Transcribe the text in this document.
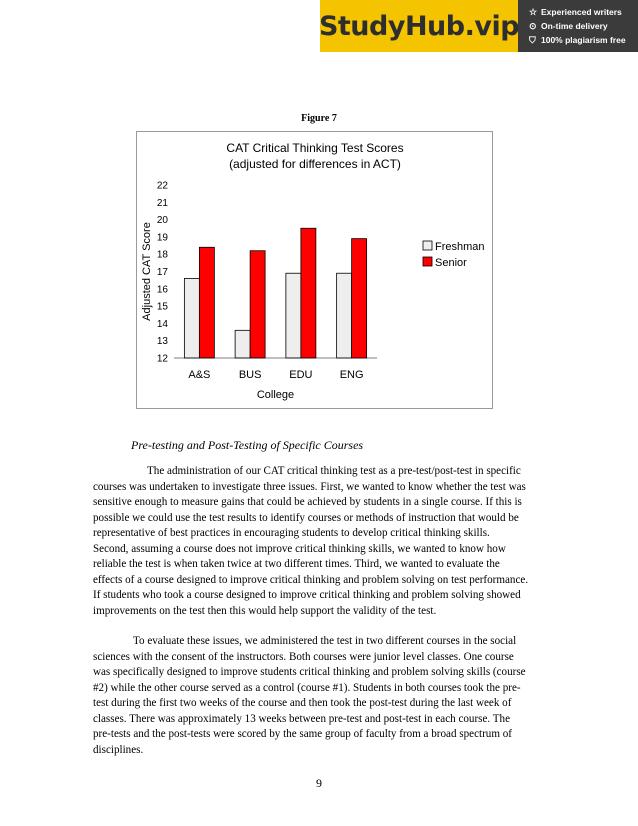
StudyHub.vip ☆ Experienced writers
⊙ On-time delivery
⛉ 100% plagiarism free
Figure 7
CAT Critical Thinking Test Scores
(adjusted for differences in ACT)
12
13
14
15
16
17
18
19
20
21
22
Adjusted CAT Score
A&S	BUS	EDU ENG
College
Freshman
Senior
Pre-testing and Post-Testing of Specific Courses
The administration of our CAT critical thinking test as a pre-test/post-test in specific
courses was undertaken to investigate three issues. First, we wanted to know whether the test was
sensitive enough to measure gains that could be achieved by students in a single course. If this is
possible we could use the test results to identify courses or methods of instruction that would be
representative of best practices in encouraging students to develop critical thinking skills.
Second, assuming a course does not improve critical thinking skills, we wanted to know how
reliable the test is when taken twice at two different times. Third, we wanted to evaluate the
effects of a course designed to improve critical thinking and problem solving on test performance.
If students who took a course designed to improve critical thinking and problem solving showed
improvements on the test then this would help support the validity of the test.
To evaluate these issues, we administered the test in two different courses in the social
sciences with the consent of the instructors. Both courses were junior level classes. One course
was specifically designed to improve students critical thinking and problem solving skills (course
#2) while the other course served as a control (course #1). Students in both courses took the pre-
test during the first two weeks of the course and then took the post-test during the last week of
classes. There was approximately 13 weeks between pre-test and post-test in each course. The
pre-tests and the post-tests were scored by the same group of faculty from a broad spectrum of
disciplines.
9
